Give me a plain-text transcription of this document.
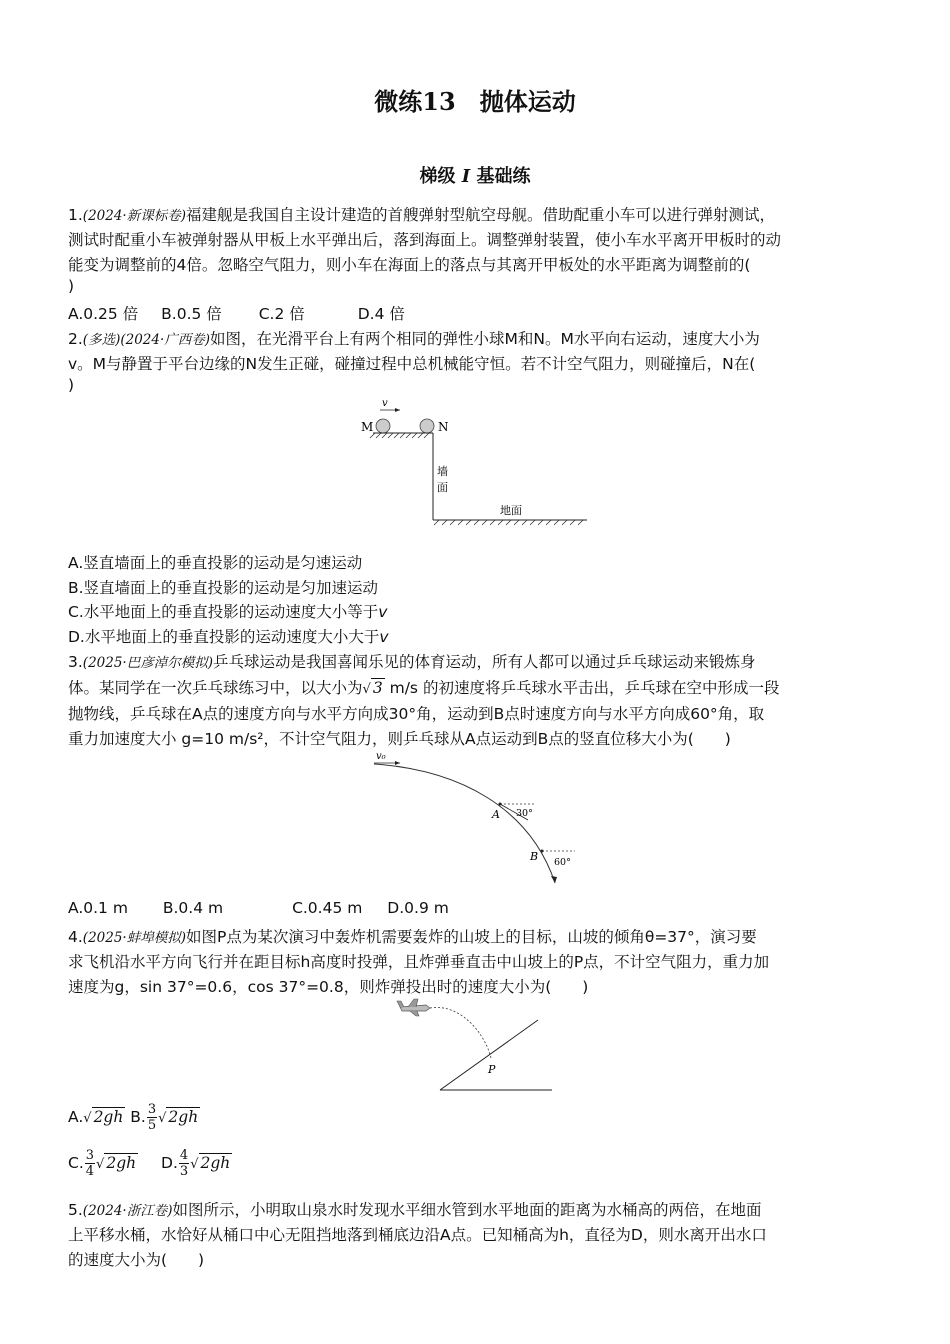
微练13　抛体运动
梯级 I 基础练
1.(2024·新课标卷)福建舰是我国自主设计建造的首艘弹射型航空母舰。借助配重小车可以进行弹射测试，
测试时配重小车被弹射器从甲板上水平弹出后，落到海面上。调整弹射装置，使小车水平离开甲板时的动
能变为调整前的4倍。忽略空气阻力，则小车在海面上的落点与其离开甲板处的水平距离为调整前的(
)
A.0.25 倍 B.0.5 倍 C.2 倍	D.4 倍
2.(多选)(2024·广西卷)如图，在光滑平台上有两个相同的弹性小球M和N。M水平向右运动，速度大小为
v。M与静置于平台边缘的N发生正碰，碰撞过程中总机械能守恒。若不计空气阻力，则碰撞后，N在(
)
v
M	N
墙
面
地面
A.竖直墙面上的垂直投影的运动是匀速运动
B.竖直墙面上的垂直投影的运动是匀加速运动
C.水平地面上的垂直投影的运动速度大小等于v
D.水平地面上的垂直投影的运动速度大小大于v
3.(2025·巴彦淖尔模拟)乒乓球运动是我国喜闻乐见的体育运动，所有人都可以通过乒乓球运动来锻炼身
体。某同学在一次乒乓球练习中，以大小为√ 3 m/s 的初速度将乒乓球水平击出，乒乓球在空中形成一段
抛物线，乒乓球在A点的速度方向与水平方向成30°角，运动到B点时速度方向与水平方向成60°角，取
重力加速度大小 g=10 m/s²，不计空气阻力，则乒乓球从A点运动到B点的竖直位移大小为(　　)
v₀
A 30°
B 60°
A.0.1 m B.0.4 m	C.0.45 m D.0.9 m
4.(2025·蚌埠模拟)如图P点为某次演习中轰炸机需要轰炸的山坡上的目标，山坡的倾角θ=37°，演习要
求飞机沿水平方向飞行并在距目标h高度时投弹，且炸弹垂直击中山坡上的P点，不计空气阻力，重力加
速度为g，sin 37°=0.6，cos 37°=0.8，则炸弹投出时的速度大小为(　　)
P
A.√ 2gh B. $\frac{3}{5}$ √ 2gh
C. $\frac{3}{4}$ √ 2gh D. $\frac{4}{3}$ √ 2gh
5.(2024·浙江卷)如图所示，小明取山泉水时发现水平细水管到水平地面的距离为水桶高的两倍，在地面
上平移水桶，水恰好从桶口中心无阻挡地落到桶底边沿A点。已知桶高为h，直径为D，则水离开出水口
的速度大小为(　　)
